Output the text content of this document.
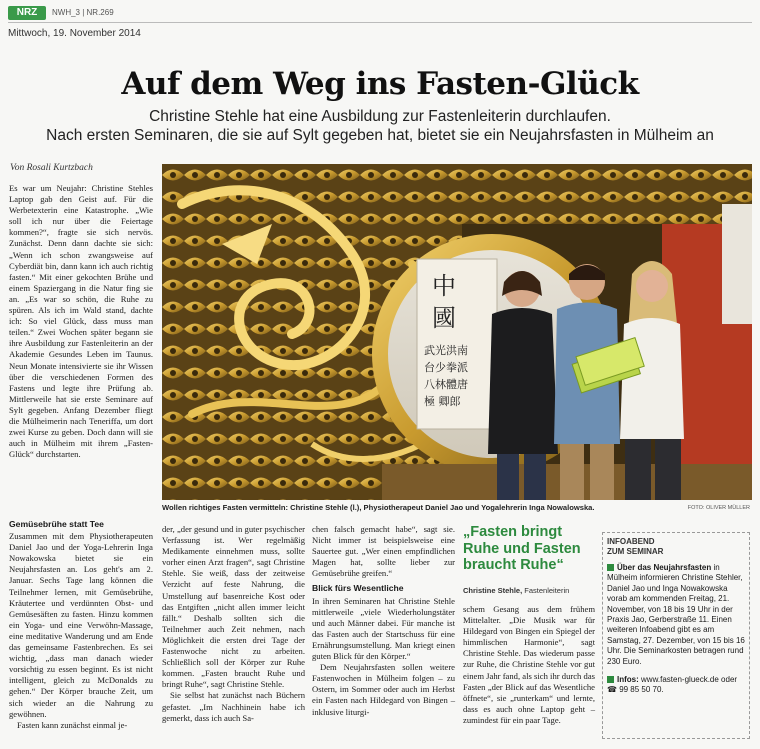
NRZ	NWH_3 | NR.269
Mittwoch, 19. November 2014
Auf dem Weg ins Fasten-Glück
Christine Stehle hat eine Ausbildung zur Fastenleiterin durchlaufen.
Nach ersten Seminaren, die sie auf Sylt gegeben hat, bietet sie ein Neujahrsfasten in Mülheim an
Von Rosali Kurtzbach

Es war um Neujahr: Christine Stehles Laptop gab den Geist auf. Für die Werbetexterin eine Katastrophe. „Wie soll ich nur über die Feiertage kommen?“, fragte sie sich nervös. Zunächst. Denn dann dachte sie sich: „Wenn ich schon zwangsweise auf Cyberdiät bin, dann kann ich auch richtig fasten.“ Mit einer gekochten Brühe und einem Spaziergang in die Natur fing sie an. „Es war so schön, die Ruhe zu spüren. Als ich im Wald stand, dachte ich: So viel Glück, dass muss man teilen.“ Zwei Wochen später begann sie ihre Ausbildung zur Fastenleiterin an der Akademie Gesundes Leben im Taunus. Neun Monate intensivierte sie ihr Wissen über die verschiedenen Formen des Fastens und legte ihre Prüfung ab. Mittlerweile hat sie erste Seminare auf Sylt gegeben. Anfang Dezember fliegt die Mülheimerin nach Teneriffa, um dort zwei Kurse zu geben. Doch dann will sie auch in Mülheim mit ihrem „Fasten-Glück“ durchstarten.

Gemüsebrühe statt Tee

Zusammen mit dem Physiotherapeuten Daniel Jao und der Yoga-Lehrerin Inga Nowakowska bietet sie ein Neujahrsfasten an. Los geht's am 2. Januar. Sechs Tage lang können die Teilnehmer lernen, mit Gemüsebrühe, Kräutertee und verdünnten Obst- und Gemüsesäften zu fasten. Hinzu kommen ein Yoga- und eine Verwöhn-Massage, eine meditative Wanderung und am Ende das gemeinsame Fastenbrechen. Es sei wichtig, „dass man danach wieder vorsichtig zu essen beginnt. Es ist nicht intelligent, gleich zu McDonalds zu gehen.“ Der Körper brauche Zeit, um sich wieder an die Nahrung zu gewöhnen.

Fasten kann zunächst einmal je-

中
國
武光洪南
台少拳派
八林體唐
極 卿郎
Wollen richtiges Fasten vermitteln: Christine Stehle (l.), Physiotherapeut Daniel Jao und Yogalehrerin Inga Nowalowska.	FOTO: OLIVER MÜLLER

der, „der gesund und in guter psychischer Verfassung ist. Wer regelmäßig Medikamente einnehmen muss, sollte vorher einen Arzt fragen“, sagt Christine Stehle. Sie weiß, dass der zeitweise Verzicht auf feste Nahrung, die Umstellung auf basenreiche Kost oder das Entgiften „nicht allen immer leicht fällt.“ Deshalb sollten sich die Teilnehmer auch Zeit nehmen, nach Möglichkeit die ersten drei Tage der Fastenwoche nicht zu arbeiten. Schließlich soll der Körper zur Ruhe kommen. „Fasten braucht Ruhe und bringt Ruhe“, sagt Christine Stehle.

Sie selbst hat zunächst nach Büchern gefastet. „Im Nachhinein habe ich gemerkt, dass ich auch Sa-

chen falsch gemacht habe“, sagt sie. Nicht immer ist beispielsweise eine Sauertee gut. „Wer einen empfindlichen Magen hat, sollte lieber zur Gemüsebrühe greifen.“

Blick fürs Wesentliche

In ihren Seminaren hat Christine Stehle mittlerweile „viele Wiederholungstäter und auch Männer dabei. Für manche ist das Fasten auch der Startschuss für eine Ernährungsumstellung. Man kriegt einen guten Blick für den Körper.“

Dem Neujahrsfasten sollen weitere Fastenwochen in Mülheim folgen – zu Ostern, im Sommer oder auch im Herbst ein Fasten nach Hildegard von Bingen – inklusive liturgi-

„Fasten bringt Ruhe und Fasten braucht Ruhe“
Christine Stehle, Fastenleiterin

schem Gesang aus dem frühem Mittelalter. „Die Musik war für Hildegard von Bingen ein Spiegel der himmlischen Harmonie“, sagt Christine Stehle. Das wiederum passe zur Ruhe, die Christine Stehle vor gut einem Jahr fand, als sich ihr durch das Fasten „der Blick auf das Wesentliche öffnete“, sie „runterkam“ und lernte, dass es auch ohne Laptop geht – zumindest für ein paar Tage.

INFOABEND
ZUM SEMINAR
Über das Neujahrsfasten in Mülheim informieren Christine Stehler, Daniel Jao und Inga Nowakowska vorab am kommenden Freitag, 21. November, von 18 bis 19 Uhr in der Praxis Jao, Gerberstraße 11. Einen weiteren Infoabend gibt es am Samstag, 27. Dezember, von 15 bis 16 Uhr. Die Seminarkosten betragen rund 230 Euro.
Infos: www.fasten-glueck.de oder ☎ 99 85 50 70.
